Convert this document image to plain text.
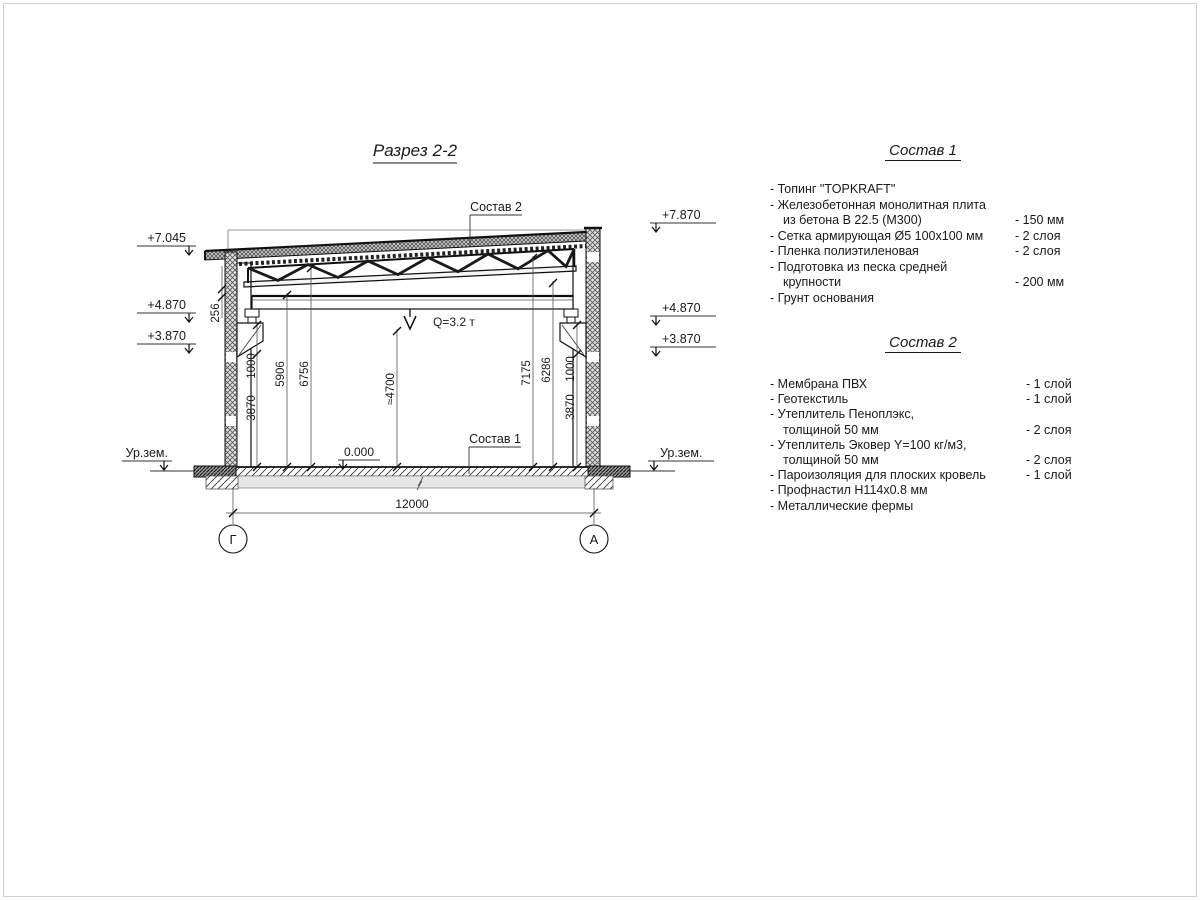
Разрез 2-2
Q=3.2 т
256
1000
3870
5906 6756	≈4700
7175 6286 1000
3870
+7.045
+4.870
+3.870
Ур.зем.
+7.870
+4.870
+3.870
Ур.зем.
0.000
Состав 2
Состав 1
12000
Г	А
Состав 1
- Топинг "TOPKRAFT"
- Железобетонная монолитная плита
из бетона В 22.5 (М300)	- 150 мм
- Сетка армирующая Ø5 100x100 мм	- 2 слоя
- Пленка полиэтиленовая	- 2 слоя
- Подготовка из песка средней
крупности	- 200 мм
- Грунт основания
Состав 2
- Мембрана ПВХ	- 1 слой
- Геотекстиль	- 1 слой
- Утеплитель Пеноплэкс,
толщиной 50 мм	- 2 слоя
- Утеплитель Эковер Y=100 кг/м3,
толщиной 50 мм	- 2 слоя
- Пароизоляция для плоских кровель	- 1 слой
- Профнастил Н114х0.8 мм
- Металлические фермы
